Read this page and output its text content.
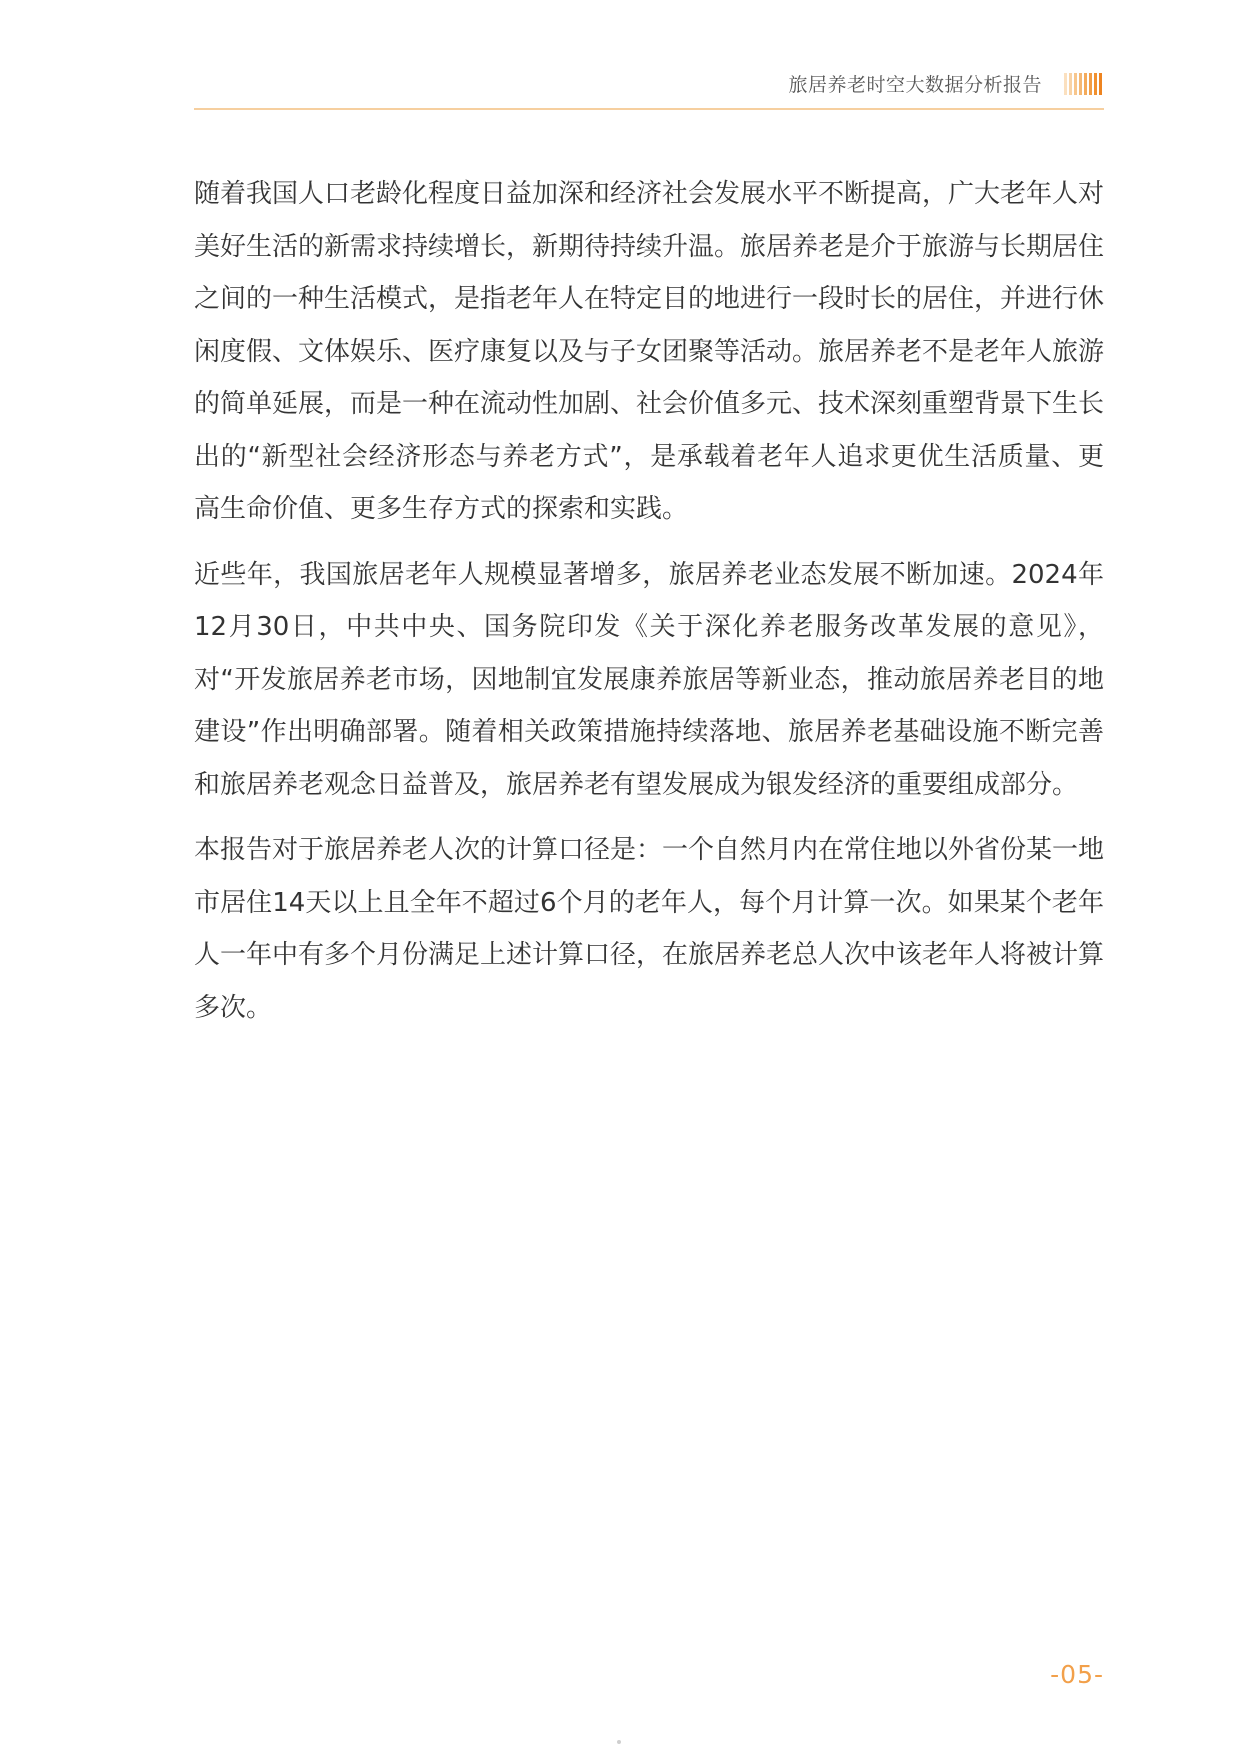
旅居养老时空大数据分析报告

随着我国人口老龄化程度日益加深和经济社会发展水平不断提高，广大老年人对美好生活的新需求持续增长，新期待持续升温。旅居养老是介于旅游与长期居住之间的一种生活模式，是指老年人在特定目的地进行一段时长的居住，并进行休闲度假、文体娱乐、医疗康复以及与子女团聚等活动。旅居养老不是老年人旅游的简单延展，而是一种在流动性加剧、社会价值多元、技术深刻重塑背景下生长出的“新型社会经济形态与养老方式”，是承载着老年人追求更优生活质量、更高生命价值、更多生存方式的探索和实践。

近些年，我国旅居老年人规模显著增多，旅居养老业态发展不断加速。2024年12月30日，中共中央、国务院印发《关于深化养老服务改革发展的意见》，对“开发旅居养老市场，因地制宜发展康养旅居等新业态，推动旅居养老目的地建设”作出明确部署。随着相关政策措施持续落地、旅居养老基础设施不断完善和旅居养老观念日益普及，旅居养老有望发展成为银发经济的重要组成部分。

本报告对于旅居养老人次的计算口径是：一个自然月内在常住地以外省份某一地市居住14天以上且全年不超过6个月的老年人，每个月计算一次。如果某个老年人一年中有多个月份满足上述计算口径，在旅居养老总人次中该老年人将被计算多次。

-05-
